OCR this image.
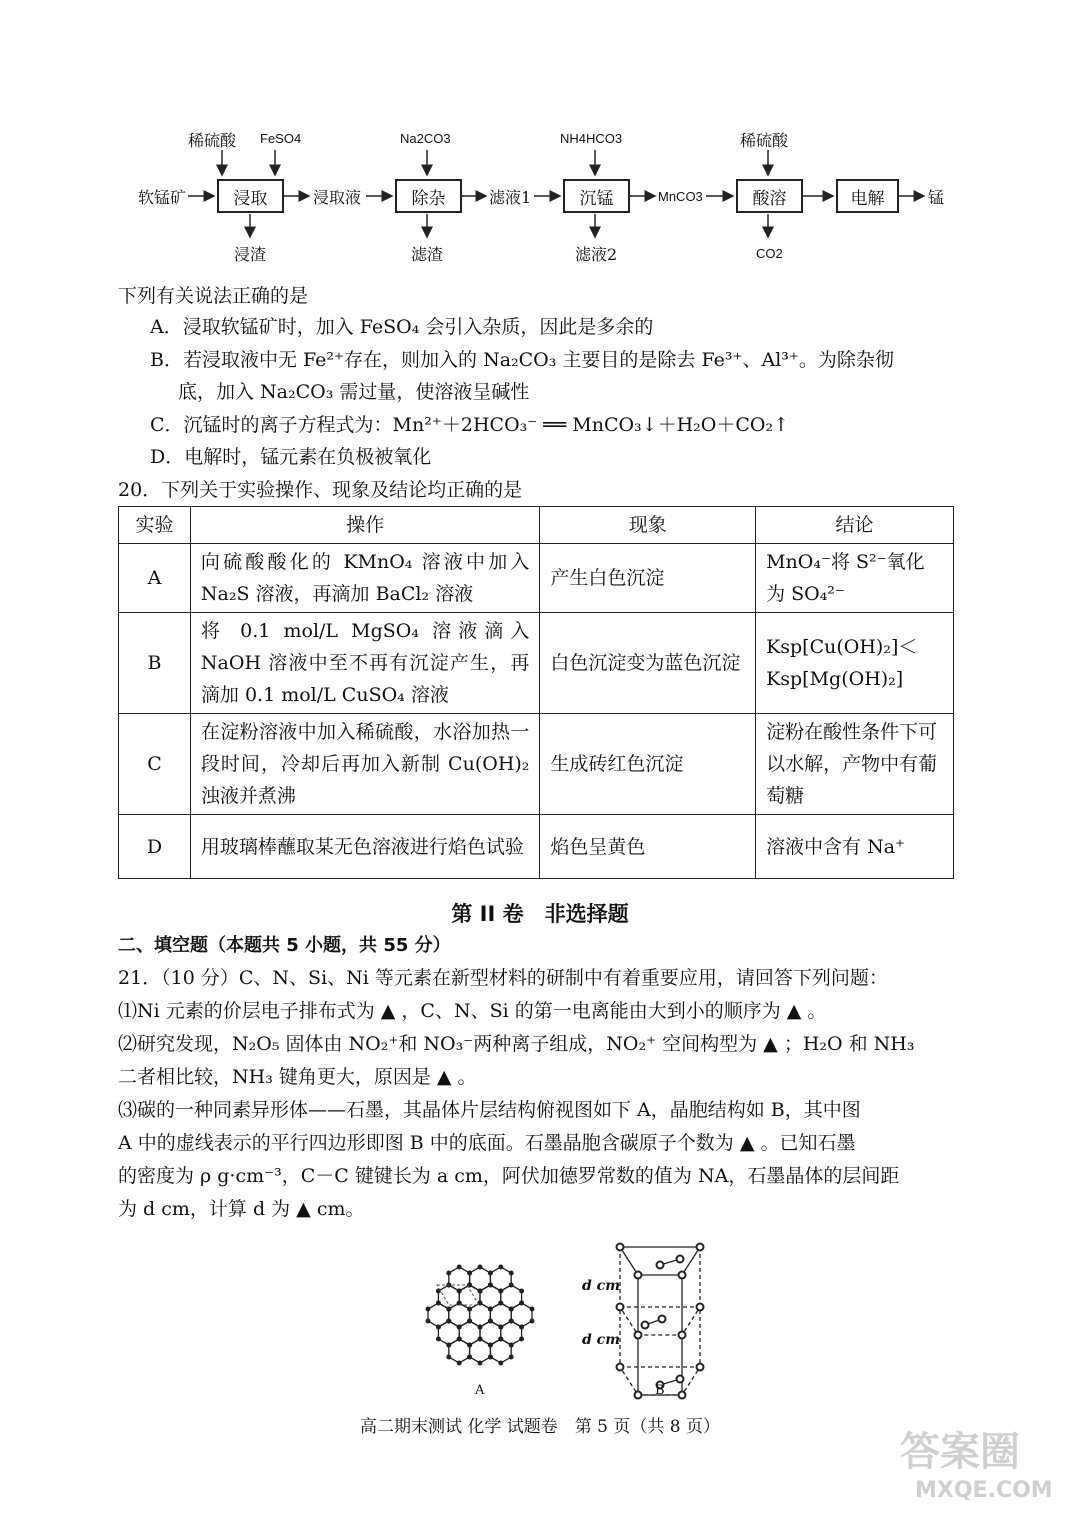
稀硫酸 FeSO4	Na2CO3	NH4HCO3	稀硫酸
软锰矿	浸取	浸取液	除杂	滤液1	沉锰	MnCO3	酸溶	电解	锰
浸渣	滤渣	滤液2	CO2
下列有关说法正确的是
A．浸取软锰矿时，加入 FeSO₄ 会引入杂质，因此是多余的
B．若浸取液中无 Fe²⁺存在，则加入的 Na₂CO₃ 主要目的是除去 Fe³⁺、Al³⁺。为除杂彻
底，加入 Na₂CO₃ 需过量，使溶液呈碱性
C．沉锰时的离子方程式为：Mn²⁺＋2HCO₃⁻ ══ MnCO₃↓＋H₂O＋CO₂↑
D．电解时，锰元素在负极被氧化
20．下列关于实验操作、现象及结论均正确的是
实验	操作	现象	结论
A	向硫酸酸化的 KMnO₄ 溶液中加入 Na₂S 溶液，再滴加 BaCl₂ 溶液	产生白色沉淀	MnO₄⁻将 S²⁻氧化为 SO₄²⁻
B	将 0.1 mol/L MgSO₄ 溶液滴入 NaOH 溶液中至不再有沉淀产生，再滴加 0.1 mol/L CuSO₄ 溶液	白色沉淀变为蓝色沉淀	Ksp[Cu(OH)₂]＜ Ksp[Mg(OH)₂]
C	在淀粉溶液中加入稀硫酸，水浴加热一段时间，冷却后再加入新制 Cu(OH)₂ 浊液并煮沸	生成砖红色沉淀	淀粉在酸性条件下可以水解，产物中有葡萄糖
D	用玻璃棒蘸取某无色溶液进行焰色试验	焰色呈黄色	溶液中含有 Na⁺
第 II 卷　非选择题
二、填空题（本题共 5 小题，共 55 分）
21．（10 分）C、N、Si、Ni 等元素在新型材料的研制中有着重要应用，请回答下列问题：
⑴Ni 元素的价层电子排布式为 ▲ ，C、N、Si 的第一电离能由大到小的顺序为 ▲ 。
⑵研究发现，N₂O₅ 固体由 NO₂⁺和 NO₃⁻两种离子组成，NO₂⁺ 空间构型为 ▲ ；H₂O 和 NH₃
二者相比较，NH₃ 键角更大，原因是 ▲ 。
⑶碳的一种同素异形体——石墨，其晶体片层结构俯视图如下 A，晶胞结构如 B，其中图
A 中的虚线表示的平行四边形即图 B 中的底面。石墨晶胞含碳原子个数为 ▲ 。已知石墨
的密度为 ρ g·cm⁻³，C－C 键键长为 a cm，阿伏加德罗常数的值为 NA，石墨晶体的层间距
为 d cm，计算 d 为 ▲ cm。
d cm
d cm
A	B
高二期末测试 化学 试题卷　第 5 页（共 8 页）
答案圈
MXQE.COM
